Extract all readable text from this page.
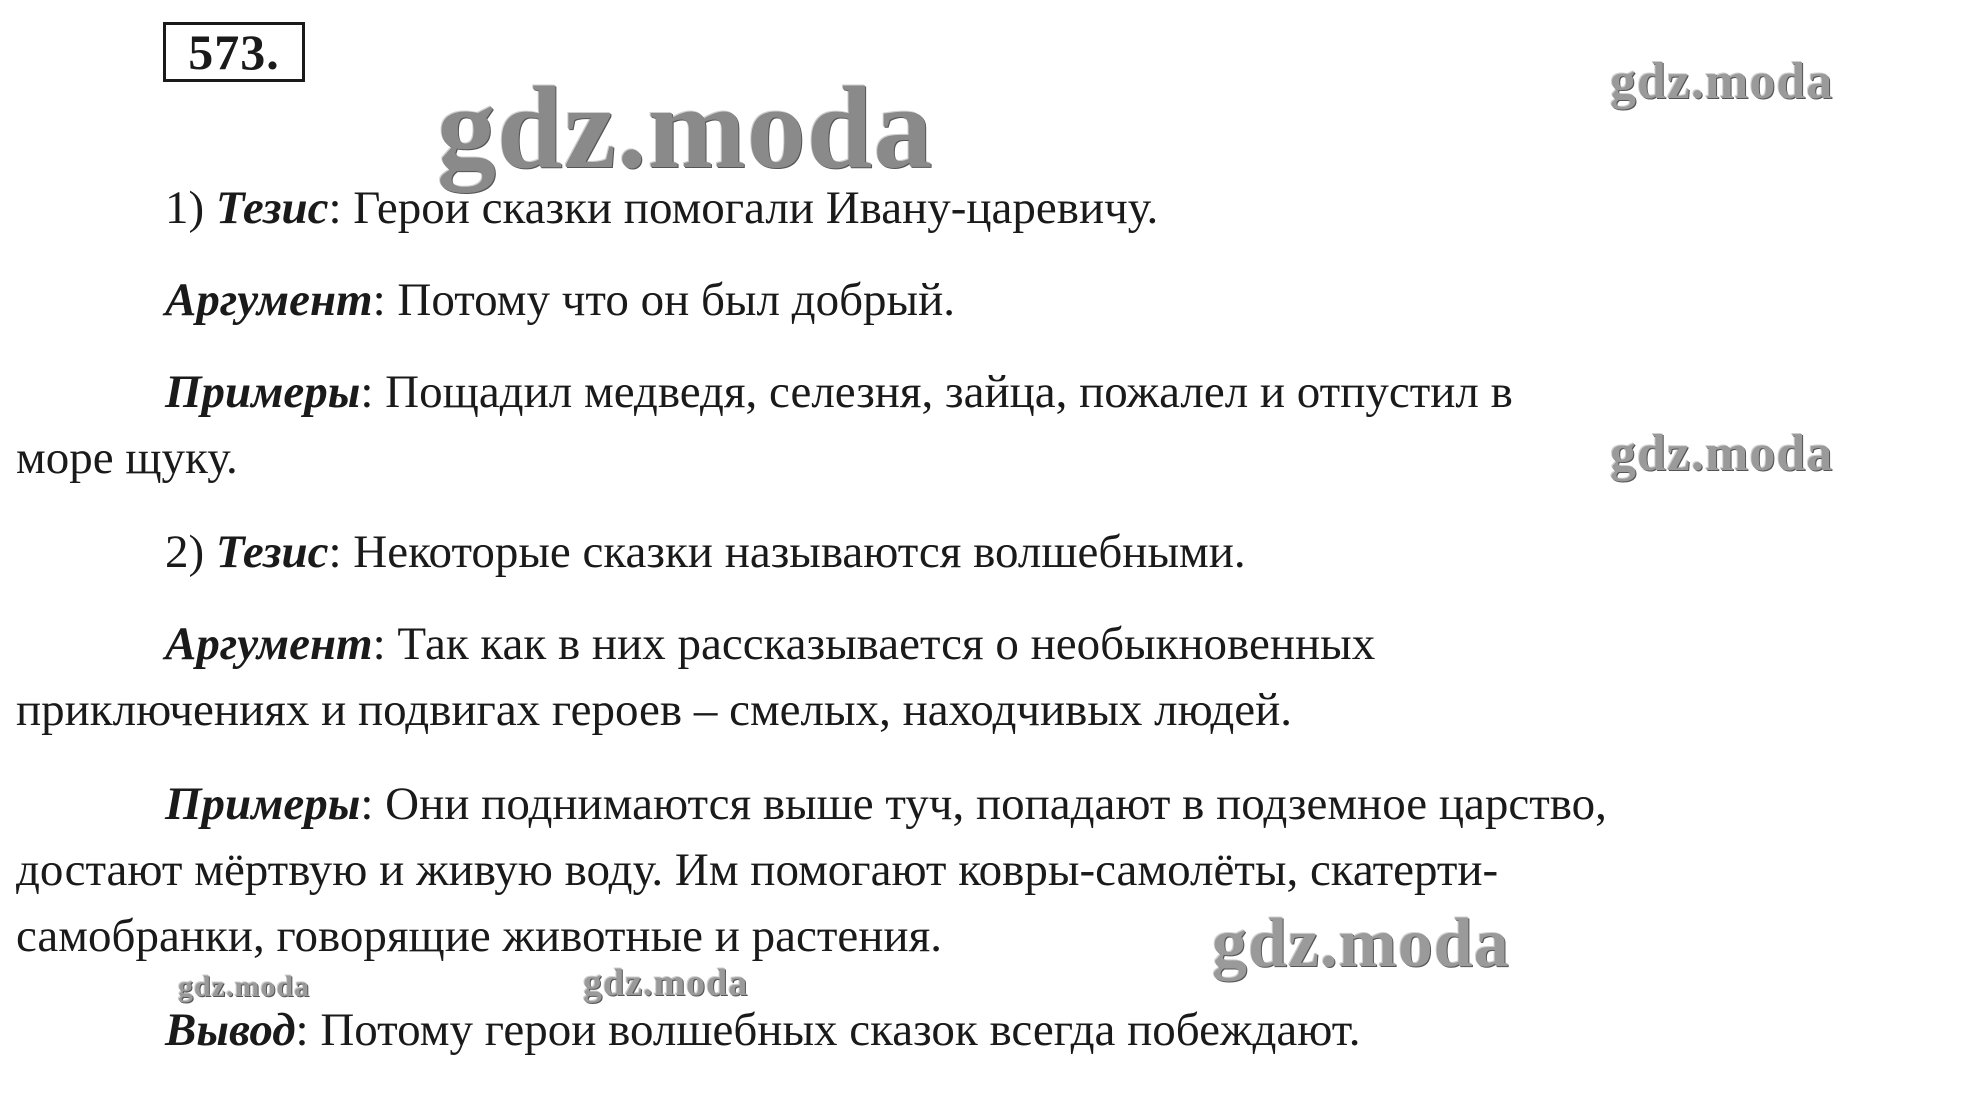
573.
gdz.moda	gdz.moda
gdz.moda
gdz.moda
gdz.moda	gdz.moda
1) Тезис: Герои сказки помогали Ивану-царевичу.
Аргумент: Потому что он был добрый.
Примеры: Пощадил медведя, селезня, зайца, пожалел и отпустил в
море щуку.
2) Тезис: Некоторые сказки называются волшебными.
Аргумент: Так как в них рассказывается о необыкновенных
приключениях и подвигах героев – смелых, находчивых людей.
Примеры: Они поднимаются выше туч, попадают в подземное царство,
достают мёртвую и живую воду. Им помогают ковры-самолёты, скатерти-
самобранки, говорящие животные и растения.
Вывод: Потому герои волшебных сказок всегда побеждают.
